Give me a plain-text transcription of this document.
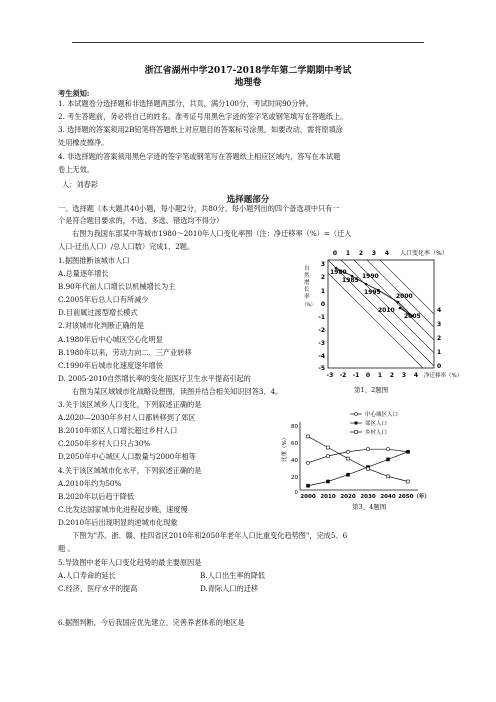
浙江省湖州中学2017-2018学年第二学期期中考试
地理卷
考生须知:
1. 本试题卷分选择题和非选择题两部分，共页，满分100分，考试时间90分钟。
2. 考生答题前，务必将自己的姓名、准考证号用黑色字迹的签字笔或钢笔填写在答题纸上。
3. 选择题的答案须用2B铅笔将答题纸上对应题目的答案标号涂黑，如要改动，需将原填涂
处用橡皮擦净。
4. 非选择题的答案须用黑色字迹的签字笔或钢笔写在答题纸上相应区域内，答写在本试题
卷上无效。
人：刘春彩
选择题部分
一、选择题（本大题共40小题，每小题2分，共80分。每小题列出的四个备选项中只有一
个是符合题目要求的，不选、多选、错选均不得分）
右图为我国东部某中等城市1980～2010年人口变化率图（注：净迁移率（%）=（迁入
人口-迁出人口）/总人口数）完成1、2题。
1.据图推断该城市人口
A.总量逐年增长
B.90年代前人口增长以机械增长为主
C.2005年后总人口有所减少
D.目前属过渡型增长模式
2.对该城市化判断正确的是
A.1980年后中心城区空心化明显
B.1980年以来，劳动力向二、三产业转移
C.1990年后城市化速度逐年增快
D. 2005-2010自然增长率的变化是医疗卫生水平提高引起的
右图为某区域城市化战略设想图，读图并结合相关知识回答3、4。
3.关于该区域乡人口变化，下列叙述正确的是
A.2020—2030年乡村人口都转移到了郊区
B.2010年郊区人口增长超过乡村人口
C.2050年乡村人口只占30%
D.2050年中心城区人口数量与2000年相等
4.关于该区域城市化水平，下列叙述正确的是
A.2010年约为50%
B.2020年以后趋于降低
C.比发达国家城市化进程起步晚，速度慢
D.2010年后出现明显的逆城市化现象
下图为"苏、浙、赣、桂四省区2010年和2050年老年人口比重变化趋势图"，完成5、6
题 。
5.导致图中老年人口变化趋势的最主要原因是
A.人口寿命的延长	B.人口出生率的降低
C.经济、医疗水平的提高	D.青际人口的迁移
6.据图判断，今后我国应优先建立、完善养老体系的地区是
人口变化率（%）
0 1 2 3 4
自
然
增
长
率
（%）
3
2
1
0
-1
-2
-3
-4
-5
4
3
2
1
0
-3 -2 -1 0 1 2 3 4 净迁移率（%）
1980
1985
1990
1995
2000
2010
2005
第1、2题图
中心城区人口
郊区人口
乡村人口
比重（%）
80
60
40
20
0
2000 2010 2020 2030 2040 2050（年）
第3、4题图
